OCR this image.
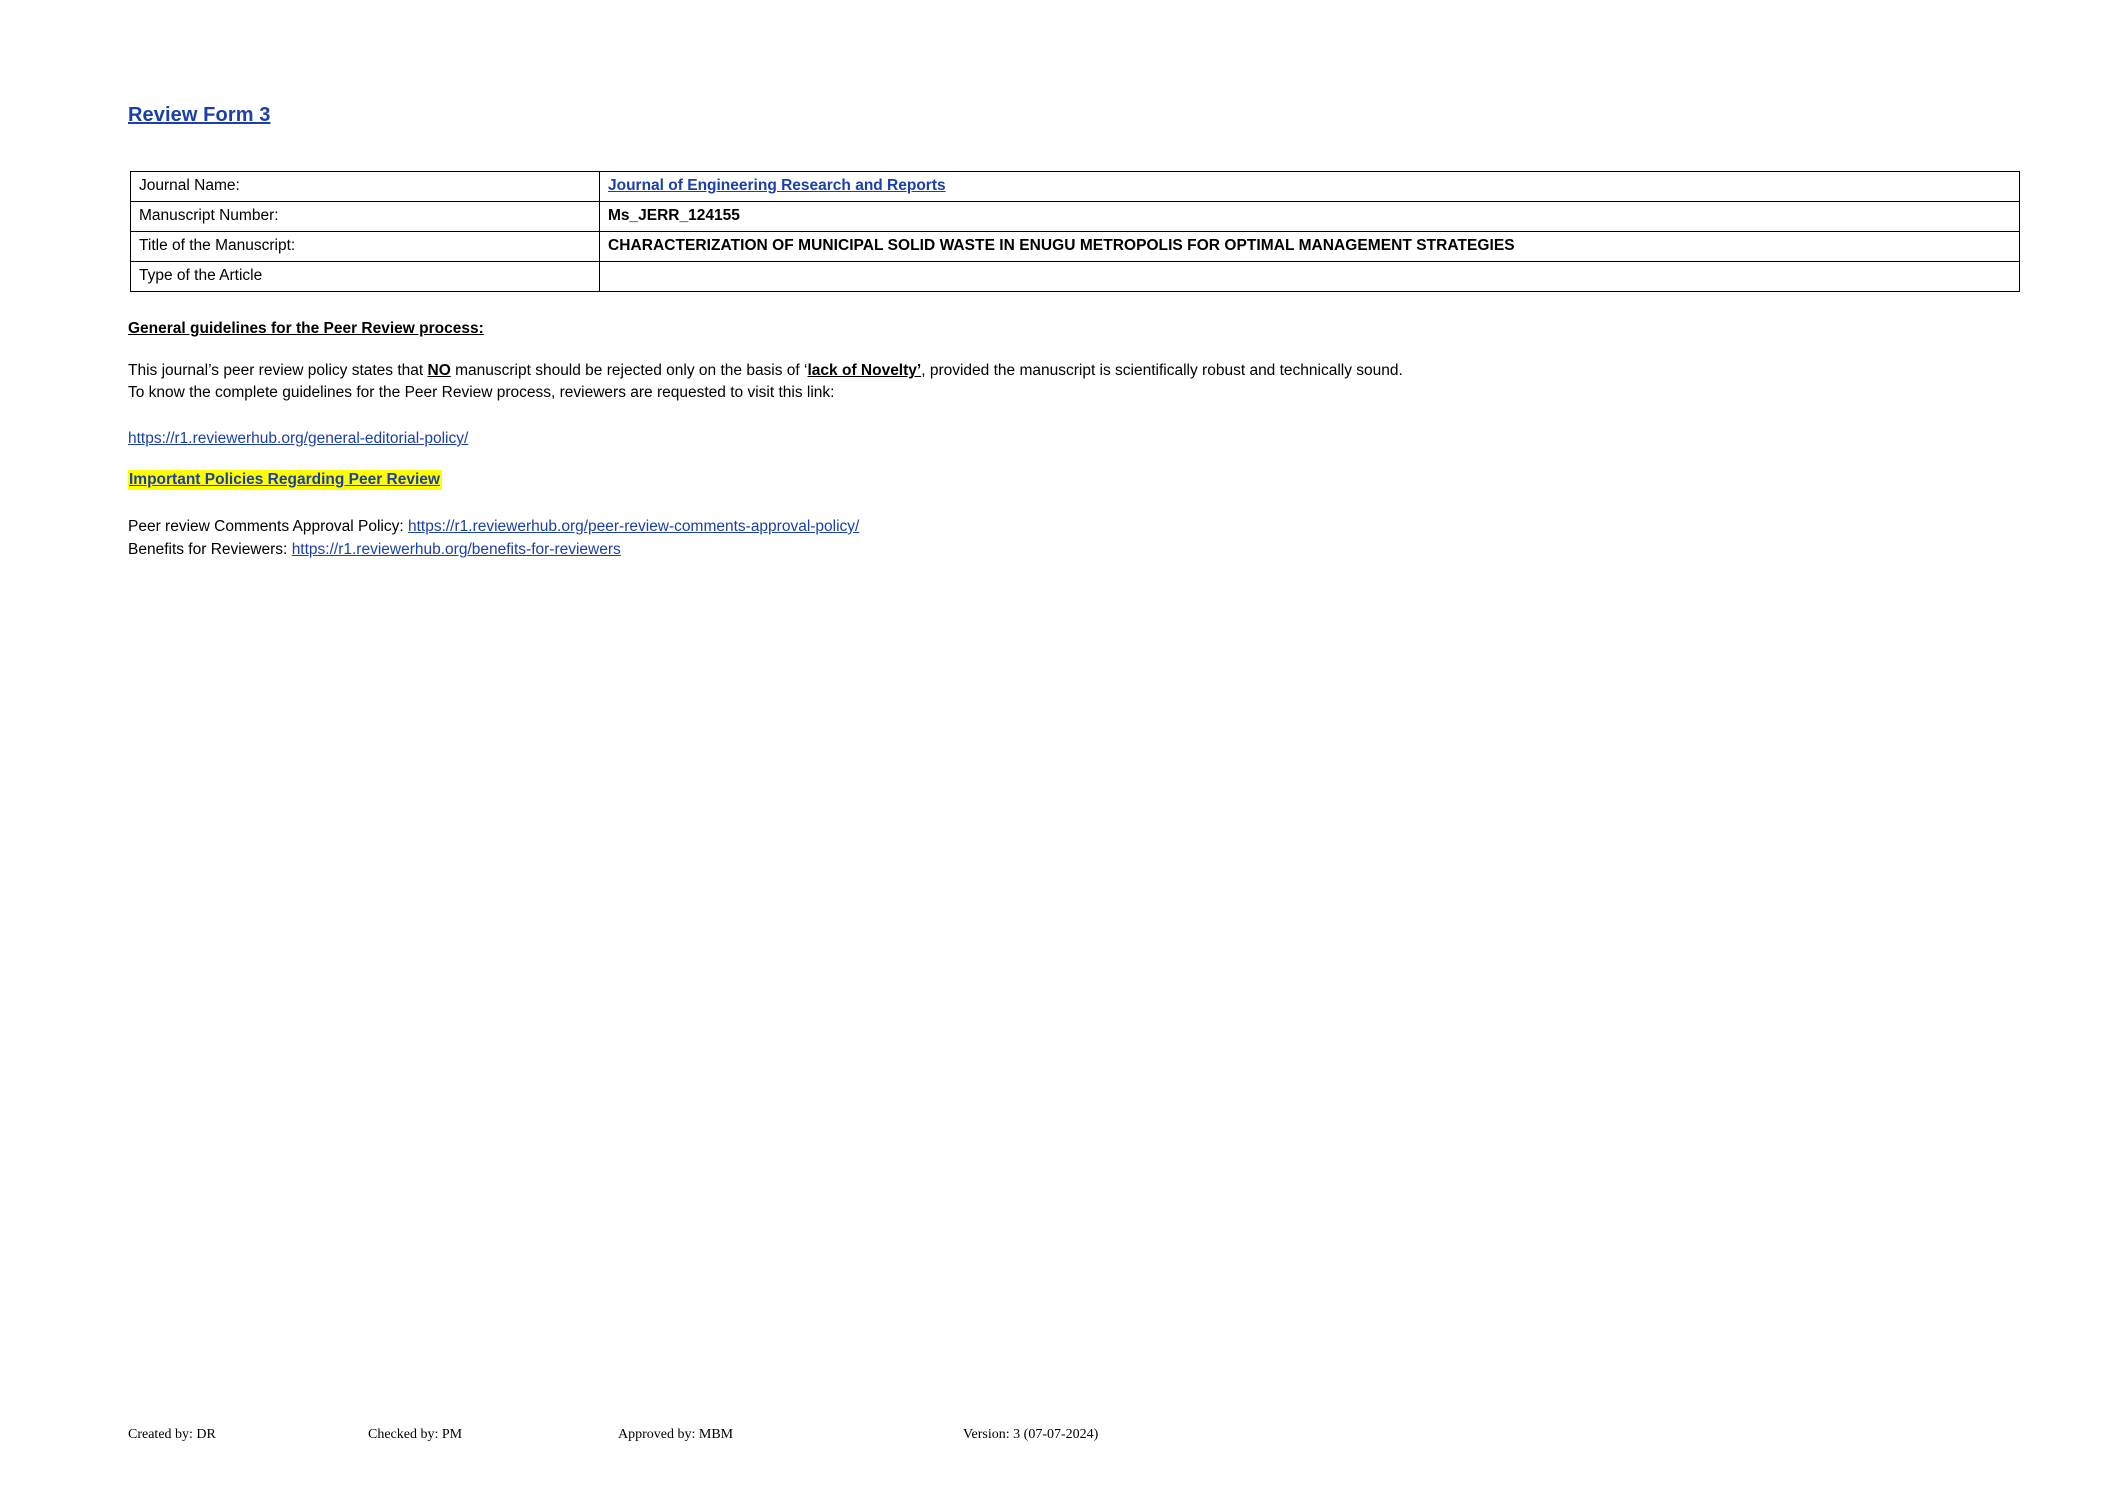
Review Form 3
Journal Name:	Journal of Engineering Research and Reports
Manuscript Number:	Ms_JERR_124155
Title of the Manuscript:	CHARACTERIZATION OF MUNICIPAL SOLID WASTE IN ENUGU METROPOLIS FOR OPTIMAL MANAGEMENT STRATEGIES
Type of the Article	
General guidelines for the Peer Review process:
This journal’s peer review policy states that NO manuscript should be rejected only on the basis of ‘lack of Novelty’, provided the manuscript is scientifically robust and technically sound.
To know the complete guidelines for the Peer Review process, reviewers are requested to visit this link:
https://r1.reviewerhub.org/general-editorial-policy/
Important Policies Regarding Peer Review
Peer review Comments Approval Policy: https://r1.reviewerhub.org/peer-review-comments-approval-policy/
Benefits for Reviewers: https://r1.reviewerhub.org/benefits-for-reviewers
Created by: DR	Checked by: PM	Approved by: MBM	Version: 3 (07-07-2024)
